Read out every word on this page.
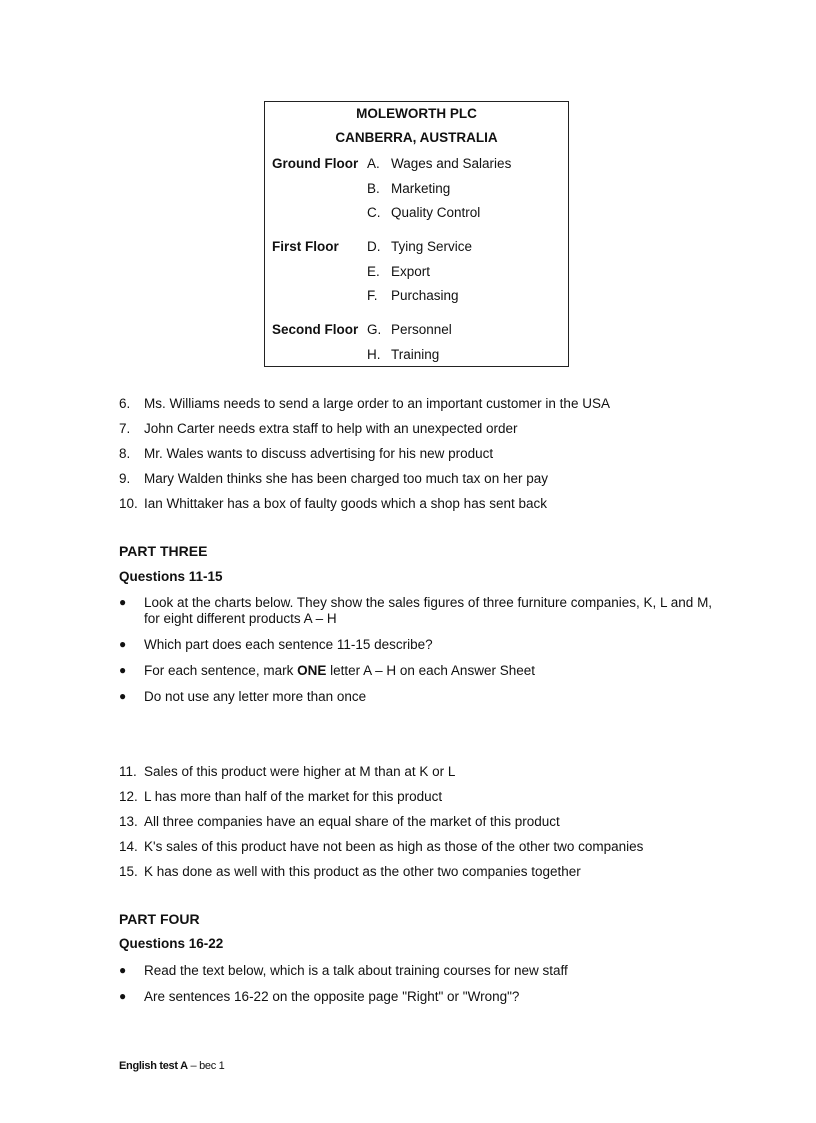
MOLEWORTH PLC
CANBERRA, AUSTRALIA
Ground Floor A. Wages and Salaries
B. Marketing
C. Quality Control
First Floor D. Tying Service
E. Export
F. Purchasing
Second Floor G. Personnel
H. Training
6. Ms. Williams needs to send a large order to an important customer in the USA
7. John Carter needs extra staff to help with an unexpected order
8. Mr. Wales wants to discuss advertising for his new product
9. Mary Walden thinks she has been charged too much tax on her pay
10. Ian Whittaker has a box of faulty goods which a shop has sent back
PART THREE
Questions 11-15
● Look at the charts below. They show the sales figures of three furniture companies, K, L and M, for eight different products A – H
● Which part does each sentence 11-15 describe?
● For each sentence, mark ONE letter A – H on each Answer Sheet
● Do not use any letter more than once
11. Sales of this product were higher at M than at K or L
12. L has more than half of the market for this product
13. All three companies have an equal share of the market of this product
14. K's sales of this product have not been as high as those of the other two companies
15. K has done as well with this product as the other two companies together
PART FOUR
Questions 16-22
● Read the text below, which is a talk about training courses for new staff
● Are sentences 16-22 on the opposite page "Right" or "Wrong"?
English test A – bec 1
